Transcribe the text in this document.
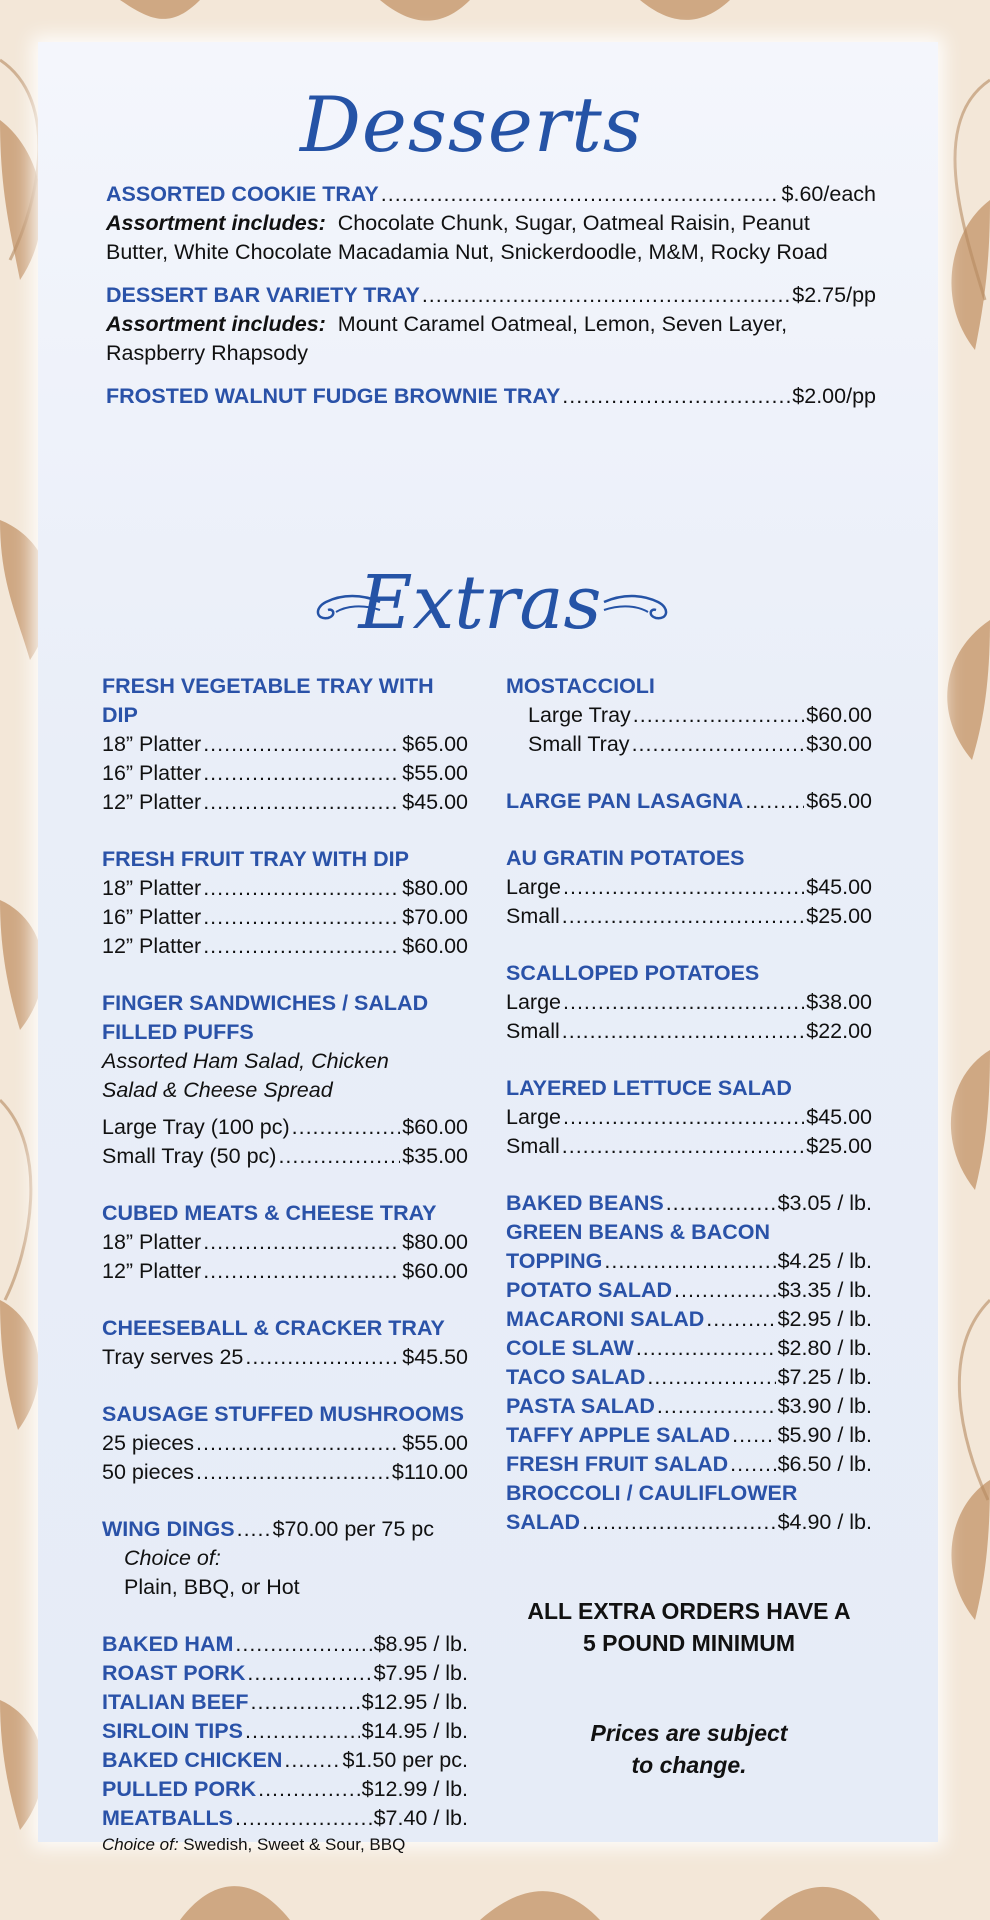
Desserts
ASSORTED COOKIE TRAY .....	$.60/each
Assortment includes: Chocolate Chunk, Sugar, Oatmeal Raisin, Peanut Butter, White Chocolate Macadamia Nut, Snickerdoodle, M&M, Rocky Road
DESSERT BAR VARIETY TRAY .....	$2.75/pp
Assortment includes: Mount Caramel Oatmeal, Lemon, Seven Layer, Raspberry Rhapsody
FROSTED WALNUT FUDGE BROWNIE TRAY .....	$2.00/pp
Extras
FRESH VEGETABLE TRAY WITH DIP
18” Platter .....	$65.00
16” Platter .....	$55.00
12” Platter .....	$45.00
FRESH FRUIT TRAY WITH DIP
18” Platter .....	$80.00
16” Platter .....	$70.00
12” Platter .....	$60.00
FINGER SANDWICHES / SALAD
FILLED PUFFS
Assorted Ham Salad, Chicken
Salad & Cheese Spread
Large Tray (100 pc) .....	$60.00
Small Tray (50 pc) .....	$35.00
CUBED MEATS & CHEESE TRAY
18” Platter .....	$80.00
12” Platter .....	$60.00
CHEESEBALL & CRACKER TRAY
Tray serves 25 .....	$45.50
SAUSAGE STUFFED MUSHROOMS
25 pieces .....	$55.00
50 pieces .....	$110.00
WING DINGS ..... $70.00 per 75 pc
Choice of:
Plain, BBQ, or Hot
BAKED HAM .....	$8.95 / lb.
ROAST PORK .....	$7.95 / lb.
ITALIAN BEEF .....	$12.95 / lb.
SIRLOIN TIPS .....	$14.95 / lb.
BAKED CHICKEN .....	$1.50 per pc.
PULLED PORK .....	$12.99 / lb.
MEATBALLS .....	$7.40 / lb.
Choice of: Swedish, Sweet & Sour, BBQ
MOSTACCIOLI
Large Tray .....	$60.00
Small Tray .....	$30.00
LARGE PAN LASAGNA .....	$65.00
AU GRATIN POTATOES
Large .....	$45.00
Small .....	$25.00
SCALLOPED POTATOES
Large .....	$38.00
Small .....	$22.00
LAYERED LETTUCE SALAD
Large .....	$45.00
Small .....	$25.00
BAKED BEANS .....	$3.05 / lb.
GREEN BEANS & BACON
TOPPING .....	$4.25 / lb.
POTATO SALAD .....	$3.35 / lb.
MACARONI SALAD .....	$2.95 / lb.
COLE SLAW .....	$2.80 / lb.
TACO SALAD .....	$7.25 / lb.
PASTA SALAD .....	$3.90 / lb.
TAFFY APPLE SALAD ..... $5.90 / lb.
FRESH FRUIT SALAD ..... $6.50 / lb.
BROCCOLI / CAULIFLOWER
SALAD .....	$4.90 / lb.
ALL EXTRA ORDERS HAVE A
5 POUND MINIMUM
Prices are subject
to change.
